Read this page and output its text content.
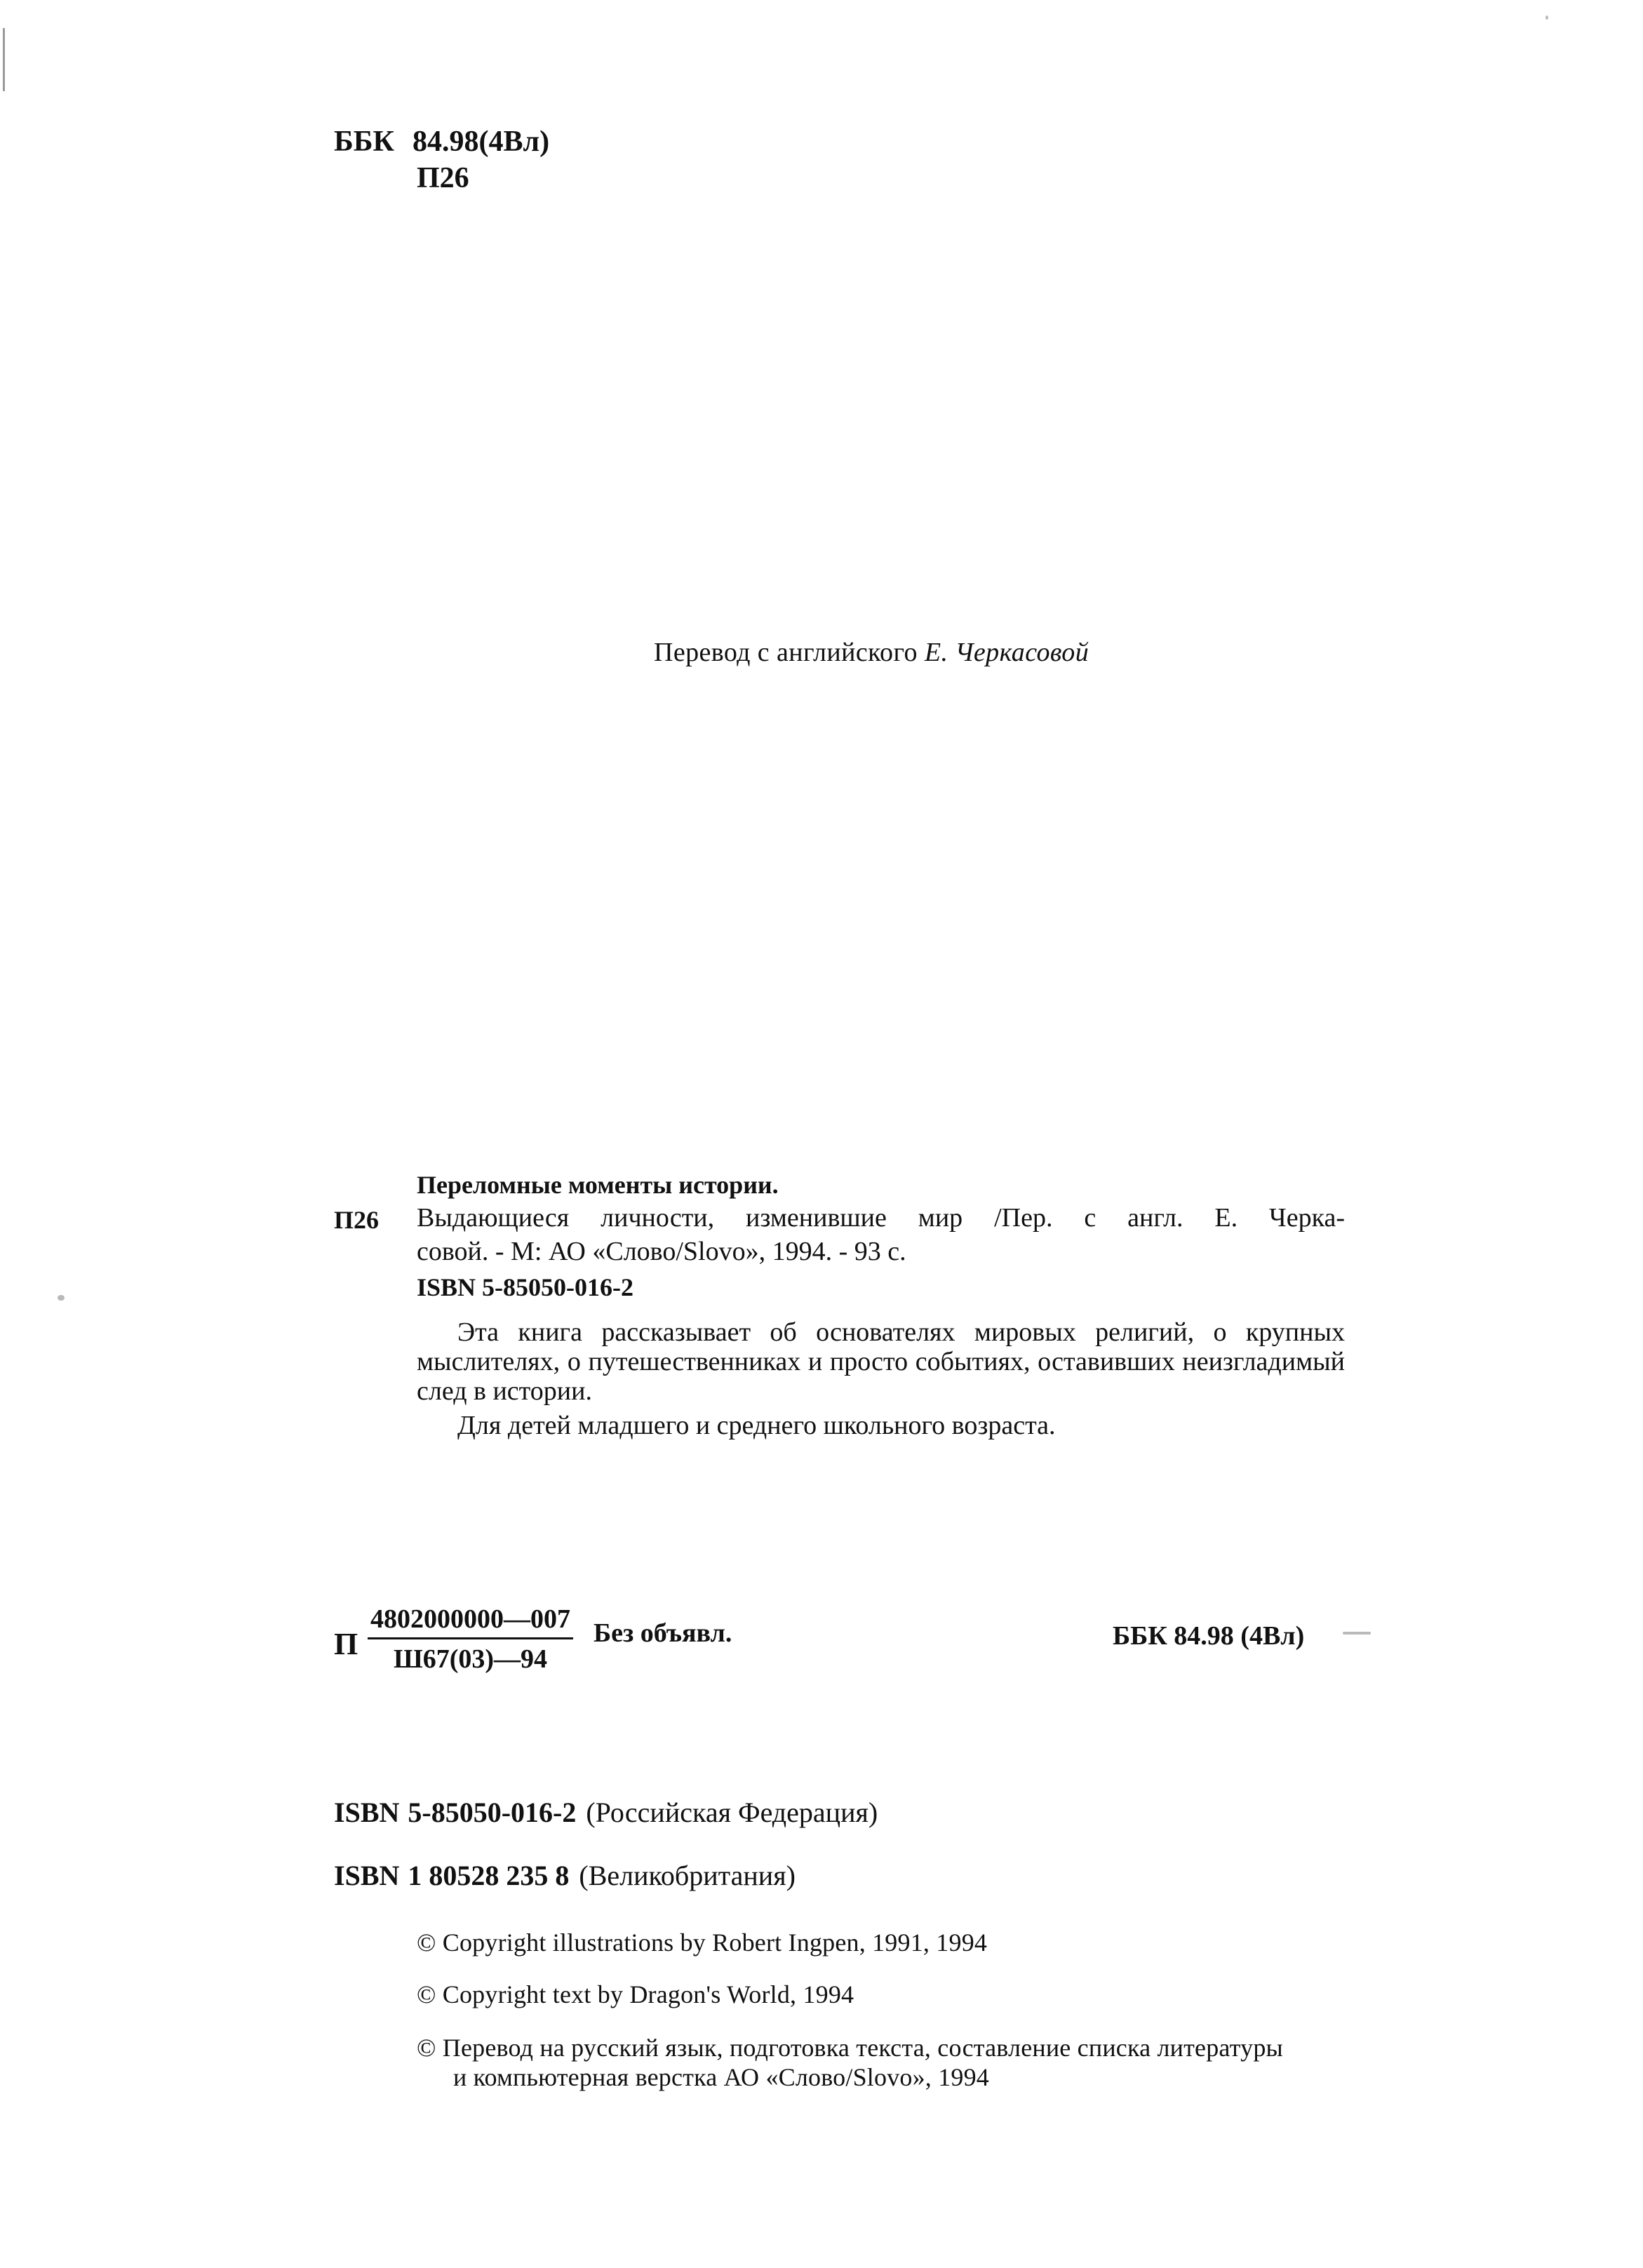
ББК 84.98(4Вл)
П26
Перевод с английского Е. Черкасовой
Переломные моменты истории.
П26 Выдающиеся личности, изменившие мир /Пер. с англ. Е. Черка-
совой. - М: АО «Слово/Slovo», 1994. - 93 с.
ISBN 5-85050-016-2

Эта книга рассказывает об основателях мировых религий, о крупных мыслителях, о путешественниках и просто событиях, оставивших неизгладимый след в истории.

Для детей младшего и среднего школьного возраста.
П
4802000000—007
Ш67(03)—94
Без объявл.	ББК 84.98 (4Вл)
ISBN 5-85050-016-2 (Российская Федерация)
ISBN 1 80528 235 8 (Великобритания)
© Copyright illustrations by Robert Ingpen, 1991, 1994
© Copyright text by Dragon's World, 1994
© Перевод на русский язык, подготовка текста, составление списка литературы
и компьютерная верстка АО «Слово/Slovo», 1994
